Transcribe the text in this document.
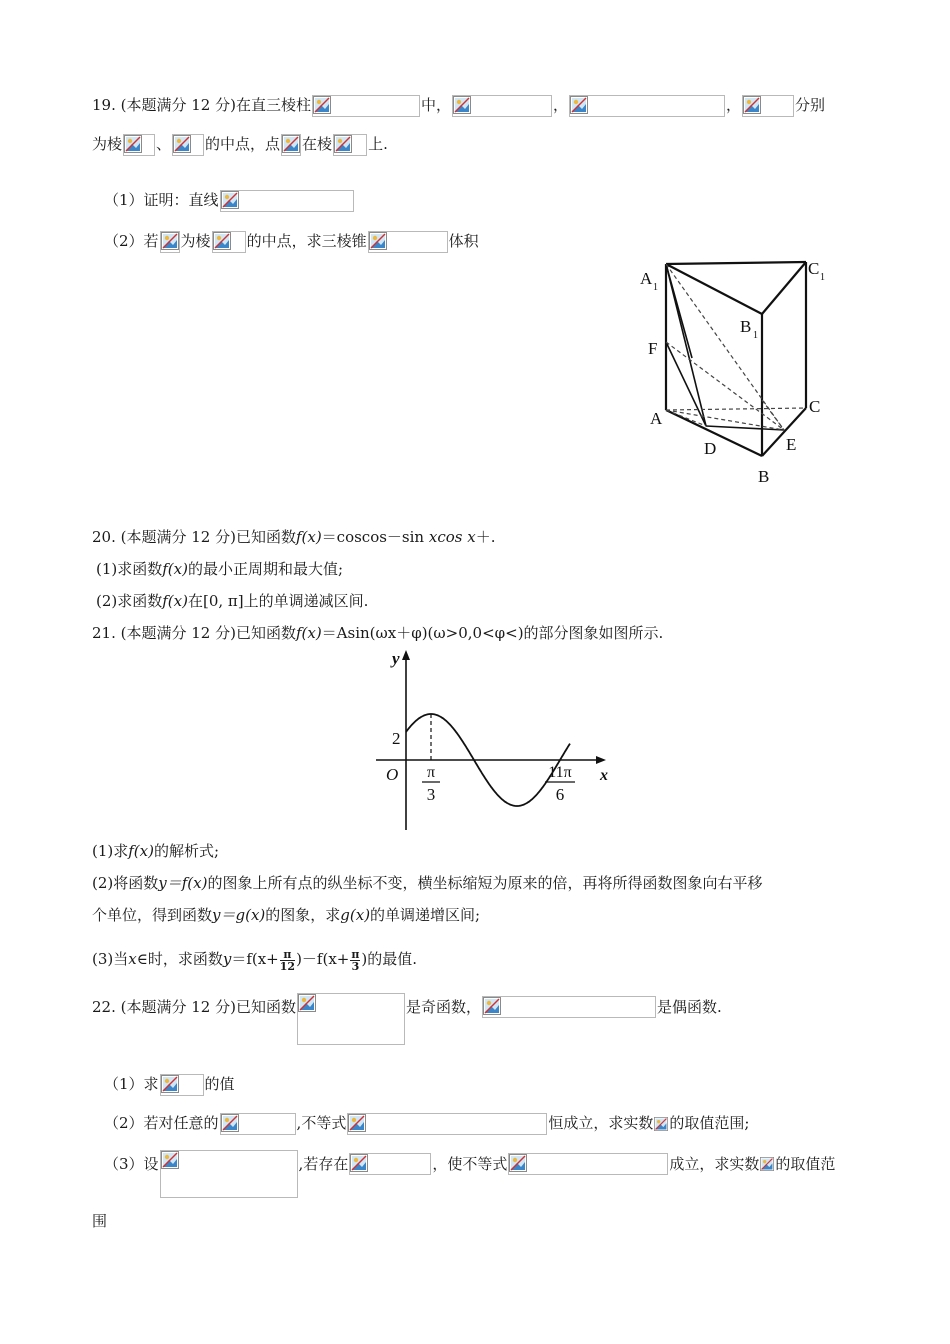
19. (本题满分 12 分)在直三棱柱	中，	，	，	分别
为棱 、 的中点，点 在棱 上.
（1）证明：直线
（2）若 为棱 的中点，求三棱锥	体积
A 1
B 1
C 1
F
A
C
D	E
B
20. (本题满分 12 分)已知函数f(x)＝coscos－sin xcos x＋.
(1)求函数f(x)的最小正周期和最大值;
(2)求函数f(x)在[0, π]上的单调递减区间.
21. (本题满分 12 分)已知函数f(x)＝Asin(ωx＋φ)(ω>0,0<φ<)的部分图象如图所示.
y
x
O
2
π
3
11π
6
(1)求f(x)的解析式;
(2)将函数y＝f(x)的图象上所有点的纵坐标不变，横坐标缩短为原来的倍，再将所得函数图象向右平移
个单位，得到函数y＝g(x)的图象，求g(x)的单调递增区间;
(3)当x∈时，求函数$y=f(x+ \frac{\pi}{12} )-f(x+ \frac{\pi}{3}$ )的最值.
22. (本题满分 12 分)已知函数	是奇函数，	是偶函数.
（1）求	的值
（2）若对任意的	,不等式	恒成立，求实数 的取值范围;
（3）设	,若存在	，使不等式	成立，求实数 的取值范
围
